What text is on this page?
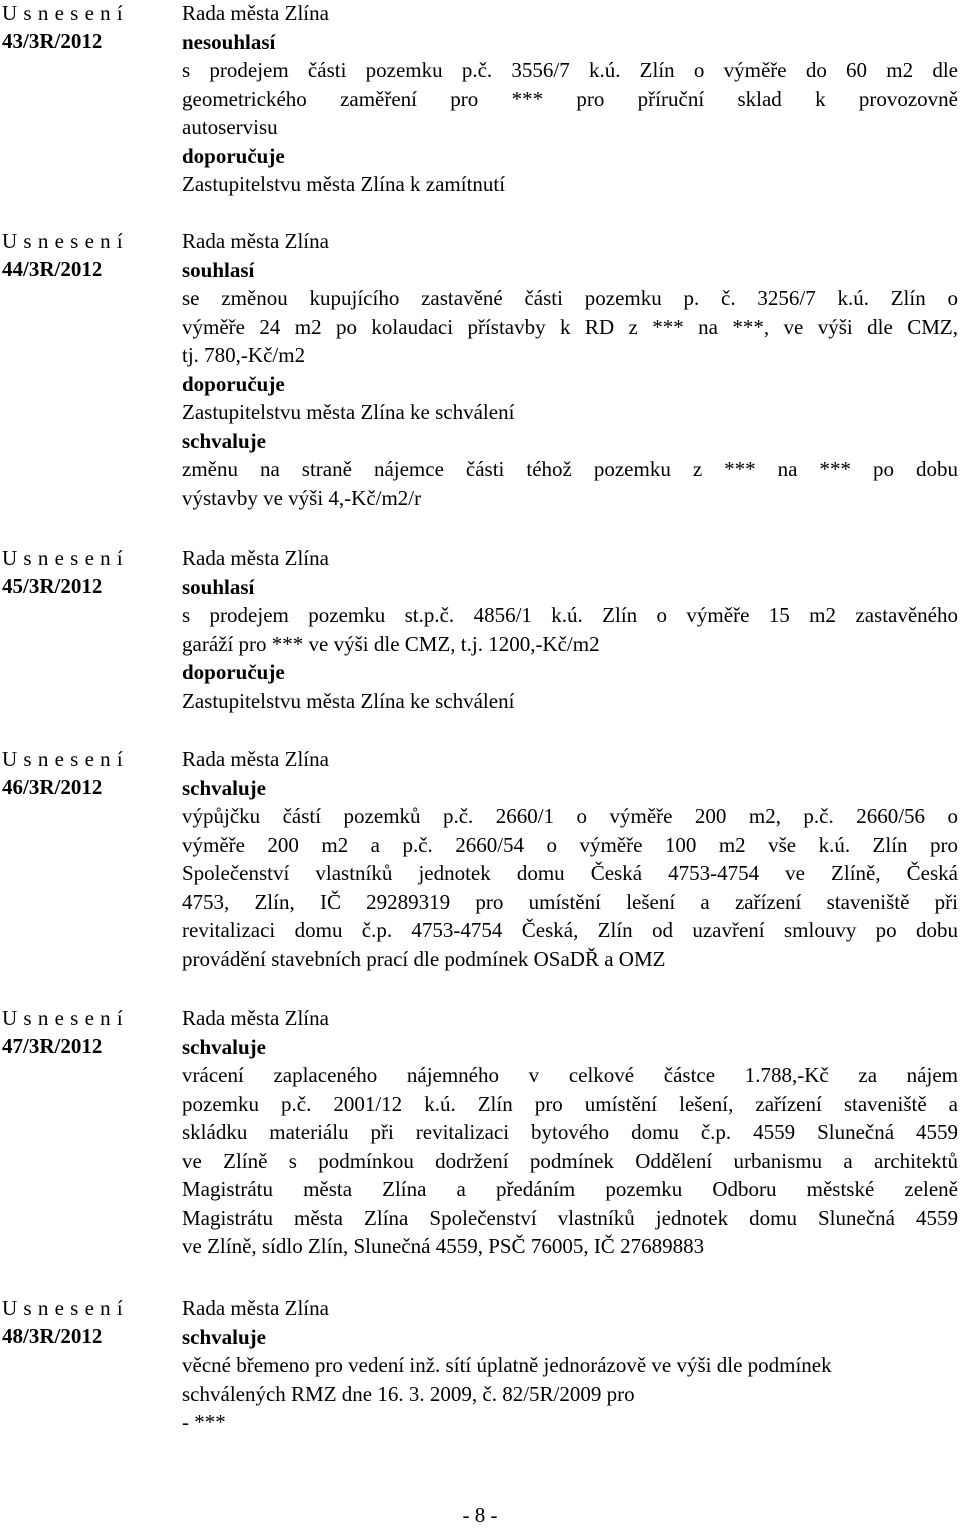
U s n e s e n í
43/3R/2012
Rada města Zlína
nesouhlasí
s prodejem části pozemku p.č. 3556/7 k.ú. Zlín o výměře do 60 m2 dle
geometrického zaměření pro *** pro příruční sklad k provozovně
autoservisu
doporučuje
Zastupitelstvu města Zlína k zamítnutí
U s n e s e n í
44/3R/2012
Rada města Zlína
souhlasí
se změnou kupujícího zastavěné části pozemku p. č. 3256/7 k.ú. Zlín o
výměře 24 m2 po kolaudaci přístavby k RD z *** na ***, ve výši dle CMZ,
tj. 780,-Kč/m2
doporučuje
Zastupitelstvu města Zlína ke schválení
schvaluje
změnu na straně nájemce části téhož pozemku z *** na *** po dobu
výstavby ve výši 4,-Kč/m2/r
U s n e s e n í
45/3R/2012
Rada města Zlína
souhlasí
s prodejem pozemku st.p.č. 4856/1 k.ú. Zlín o výměře 15 m2 zastavěného
garáží pro *** ve výši dle CMZ, t.j. 1200,-Kč/m2
doporučuje
Zastupitelstvu města Zlína ke schválení
U s n e s e n í
46/3R/2012
Rada města Zlína
schvaluje
výpůjčku částí pozemků p.č. 2660/1 o výměře 200 m2, p.č. 2660/56 o
výměře 200 m2 a p.č. 2660/54 o výměře 100 m2 vše k.ú. Zlín pro
Společenství vlastníků jednotek domu Česká 4753-4754 ve Zlíně, Česká
4753, Zlín, IČ 29289319 pro umístění lešení a zařízení staveniště při
revitalizaci domu č.p. 4753-4754 Česká, Zlín od uzavření smlouvy po dobu
provádění stavebních prací dle podmínek OSaDŘ a OMZ
U s n e s e n í
47/3R/2012
Rada města Zlína
schvaluje
vrácení zaplaceného nájemného v celkové částce 1.788,-Kč za nájem
pozemku p.č. 2001/12 k.ú. Zlín pro umístění lešení, zařízení staveniště a
skládku materiálu při revitalizaci bytového domu č.p. 4559 Slunečná 4559
ve Zlíně s podmínkou dodržení podmínek Oddělení urbanismu a architektů
Magistrátu města Zlína a předáním pozemku Odboru městské zeleně
Magistrátu města Zlína Společenství vlastníků jednotek domu Slunečná 4559
ve Zlíně, sídlo Zlín, Slunečná 4559, PSČ 76005, IČ 27689883
U s n e s e n í
48/3R/2012
Rada města Zlína
schvaluje
věcné břemeno pro vedení inž. sítí úplatně jednorázově ve výši dle podmínek
schválených RMZ dne 16. 3. 2009, č. 82/5R/2009 pro
- ***
- 8 -
